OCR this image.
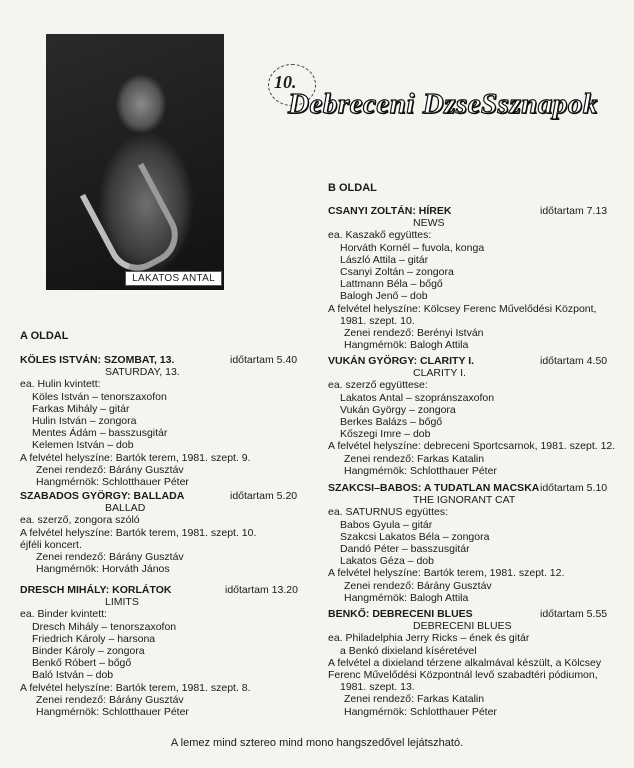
LAKATOS ANTAL
10.
Debreceni DzseSsznapok
A OLDAL
B OLDAL
KÖLES ISTVÁN: SZOMBAT, 13.	időtartam 5.40
SATURDAY, 13.
ea. Hulin kvintett:
Köles István – tenorszaxofon
Farkas Mihály – gitár
Hulin István – zongora
Mentes Ádám – basszusgitár
Kelemen István – dob
A felvétel helyszíne: Bartók terem, 1981. szept. 9.
Zenei rendező: Bárány Gusztáv
Hangmérnök: Schlotthauer Péter
SZABADOS GYÖRGY: BALLADA	időtartam 5.20
BALLAD
ea. szerző, zongora szóló
A felvétel helyszíne: Bartók terem, 1981. szept. 10.
éjféli koncert.
Zenei rendező: Bárány Gusztáv
Hangmérnök: Horváth János
DRESCH MIHÁLY: KORLÁTOK	időtartam 13.20
LIMITS
ea. Binder kvintett:
Dresch Mihály – tenorszaxofon
Friedrich Károly – harsona
Binder Károly – zongora
Benkő Róbert – bőgő
Baló István – dob
A felvétel helyszíne: Bartók terem, 1981. szept. 8.
Zenei rendező: Bárány Gusztáv
Hangmérnök: Schlotthauer Péter
CSANYI ZOLTÁN: HÍREK	időtartam 7.13
NEWS
ea. Kaszakő együttes:
Horváth Kornél – fuvola, konga
László Attila – gitár
Csanyi Zoltán – zongora
Lattmann Béla – bőgő
Balogh Jenő – dob
A felvétel helyszíne: Kölcsey Ferenc Művelődési Központ,
1981. szept. 10.
Zenei rendező: Berényi István
Hangmérnök: Balogh Attila
VUKÁN GYÖRGY: CLARITY I.	időtartam 4.50
CLARITY I.
ea. szerző együttese:
Lakatos Antal – szopránszaxofon
Vukán György – zongora
Berkes Balázs – bőgő
Kőszegi Imre – dob
A felvétel helyszíne: debreceni Sportcsarnok, 1981. szept. 12.
Zenei rendező: Farkas Katalin
Hangmérnök: Schlotthauer Péter
SZAKCSI–BABOS: A TUDATLAN MACSKA időtartam 5.10
THE IGNORANT CAT
ea. SATURNUS együttes:
Babos Gyula – gitár
Szakcsi Lakatos Béla – zongora
Dandó Péter – basszusgitár
Lakatos Géza – dob
A felvétel helyszíne: Bartók terem, 1981. szept. 12.
Zenei rendező: Bárány Gusztáv
Hangmérnök: Balogh Attila
BENKŐ: DEBRECENI BLUES	időtartam 5.55
DEBRECENI BLUES
ea. Philadelphia Jerry Ricks – ének és gitár
a Benkó dixieland kíséretével
A felvétel a dixieland térzene alkalmával készült, a Kölcsey
Ferenc Művelődési Központnál levő szabadtéri pódiumon,
1981. szept. 13.
Zenei rendező: Farkas Katalin
Hangmérnök: Schlotthauer Péter
A lemez mind sztereo mind mono hangszedővel lejátszható.
